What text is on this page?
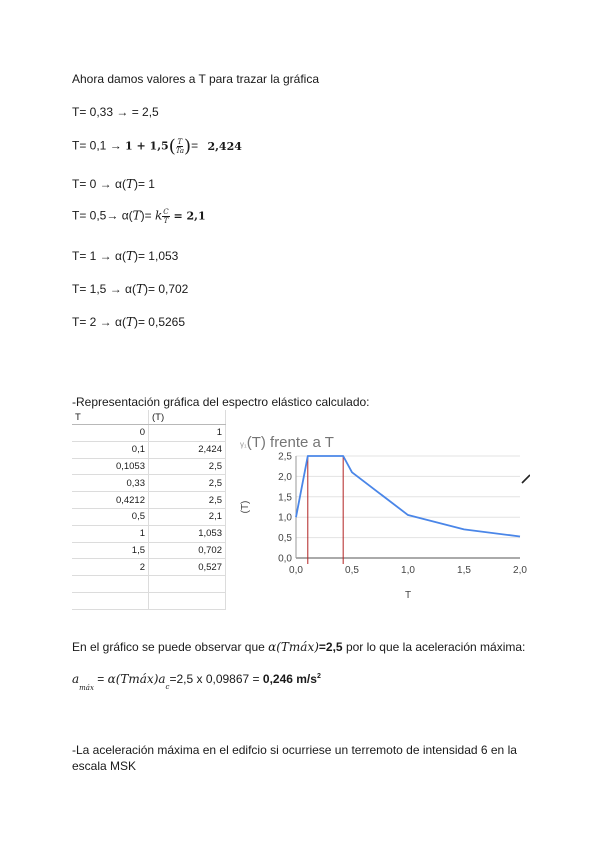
Ahora damos valores a T para trazar la gráfica
T= 0,33 → = 2,5
$T= 0,1 \to 1 + 1,5( \frac{T}{Ta}$ )= 2,424
T= 0 → α(T)= 1
T= 0,5→ α(T)= k $\frac{C}{T} = 2,1$
T= 1 → α(T)= 1,053
T= 1,5 → α(T)= 0,702
T= 2 → α(T)= 0,5265
-Representación gráfica del espectro elástico calculado:
T	(T)
0	1
0,1	2,424
0,1053	2,5
0,33	2,5
0,4212	2,5
0,5	2,1
1	1,053
1,5	0,702
2	0,527

γ₁(T) frente a T
0,0
0,5
1,0
1,5
2,0
2,5
0,0	0,5	1,0	1,5	2,0
T
(T)
En el gráfico se puede observar que α(Tmáx)=2,5 por lo que la aceleración máxima:
$a_{máx}$ = $\alpha(Tmáx)a_c=2,5$ x 0,09867 = 0,246 $m/s^2$
-La aceleración máxima en el edifcio si ocurriese un terremoto de intensidad 6 en la
escala MSK
